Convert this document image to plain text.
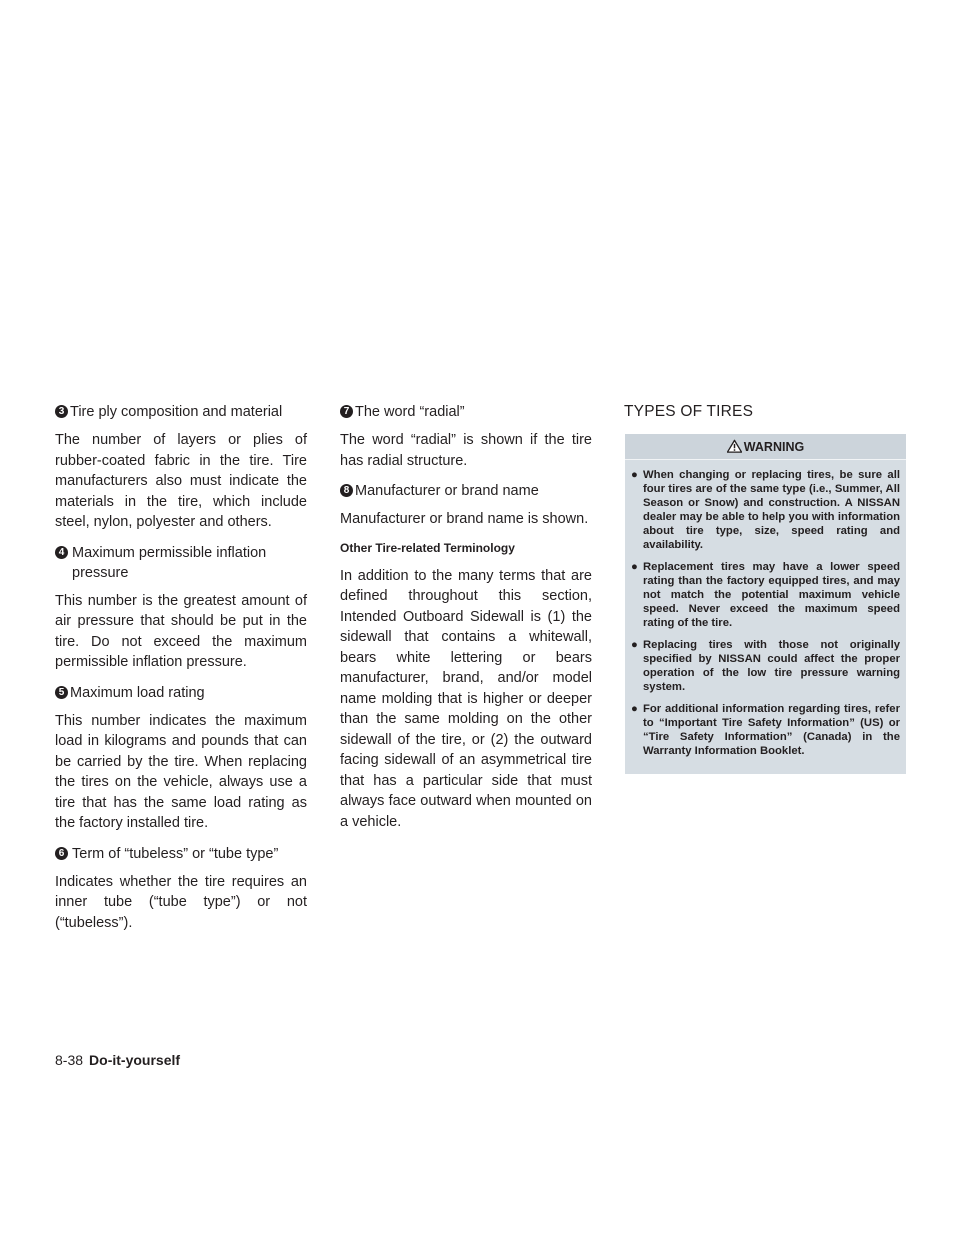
3 Tire ply composition and material

The number of layers or plies of rubber-coated fabric in the tire. Tire manufacturers also must indicate the materials in the tire, which include steel, nylon, polyester and others.

4 Maximum permissible inflation pressure

This number is the greatest amount of air pressure that should be put in the tire. Do not exceed the maximum permissible inflation pressure.

5 Maximum load rating

This number indicates the maximum load in kilograms and pounds that can be carried by the tire. When replacing the tires on the vehicle, always use a tire that has the same load rating as the factory installed tire.

6 Term of “tubeless” or “tube type”

Indicates whether the tire requires an inner tube (“tube type”) or not (“tubeless”).

7 The word “radial”

The word “radial” is shown if the tire has radial structure.

8 Manufacturer or brand name

Manufacturer or brand name is shown.

Other Tire-related Terminology

In addition to the many terms that are defined throughout this section, Intended Outboard Sidewall is (1) the sidewall that contains a whitewall, bears white lettering or bears manufacturer, brand, and/or model name molding that is higher or deeper than the same molding on the other sidewall of the tire, or (2) the outward facing sidewall of an asymmetrical tire that has a particular side that must always face outward when mounted on a vehicle.

TYPES OF TIRES
WARNING
● When changing or replacing tires, be sure all four tires are of the same type (i.e., Summer, All Season or Snow) and construction. A NISSAN dealer may be able to help you with information about tire type, size, speed rating and availability.
● Replacement tires may have a lower speed rating than the factory equipped tires, and may not match the potential maximum vehicle speed. Never exceed the maximum speed rating of the tire.
● Replacing tires with those not originally specified by NISSAN could affect the proper operation of the low tire pressure warning system.
● For additional information regarding tires, refer to “Important Tire Safety Information” (US) or “Tire Safety Information” (Canada) in the Warranty Information Booklet.
8-38 Do-it-yourself
